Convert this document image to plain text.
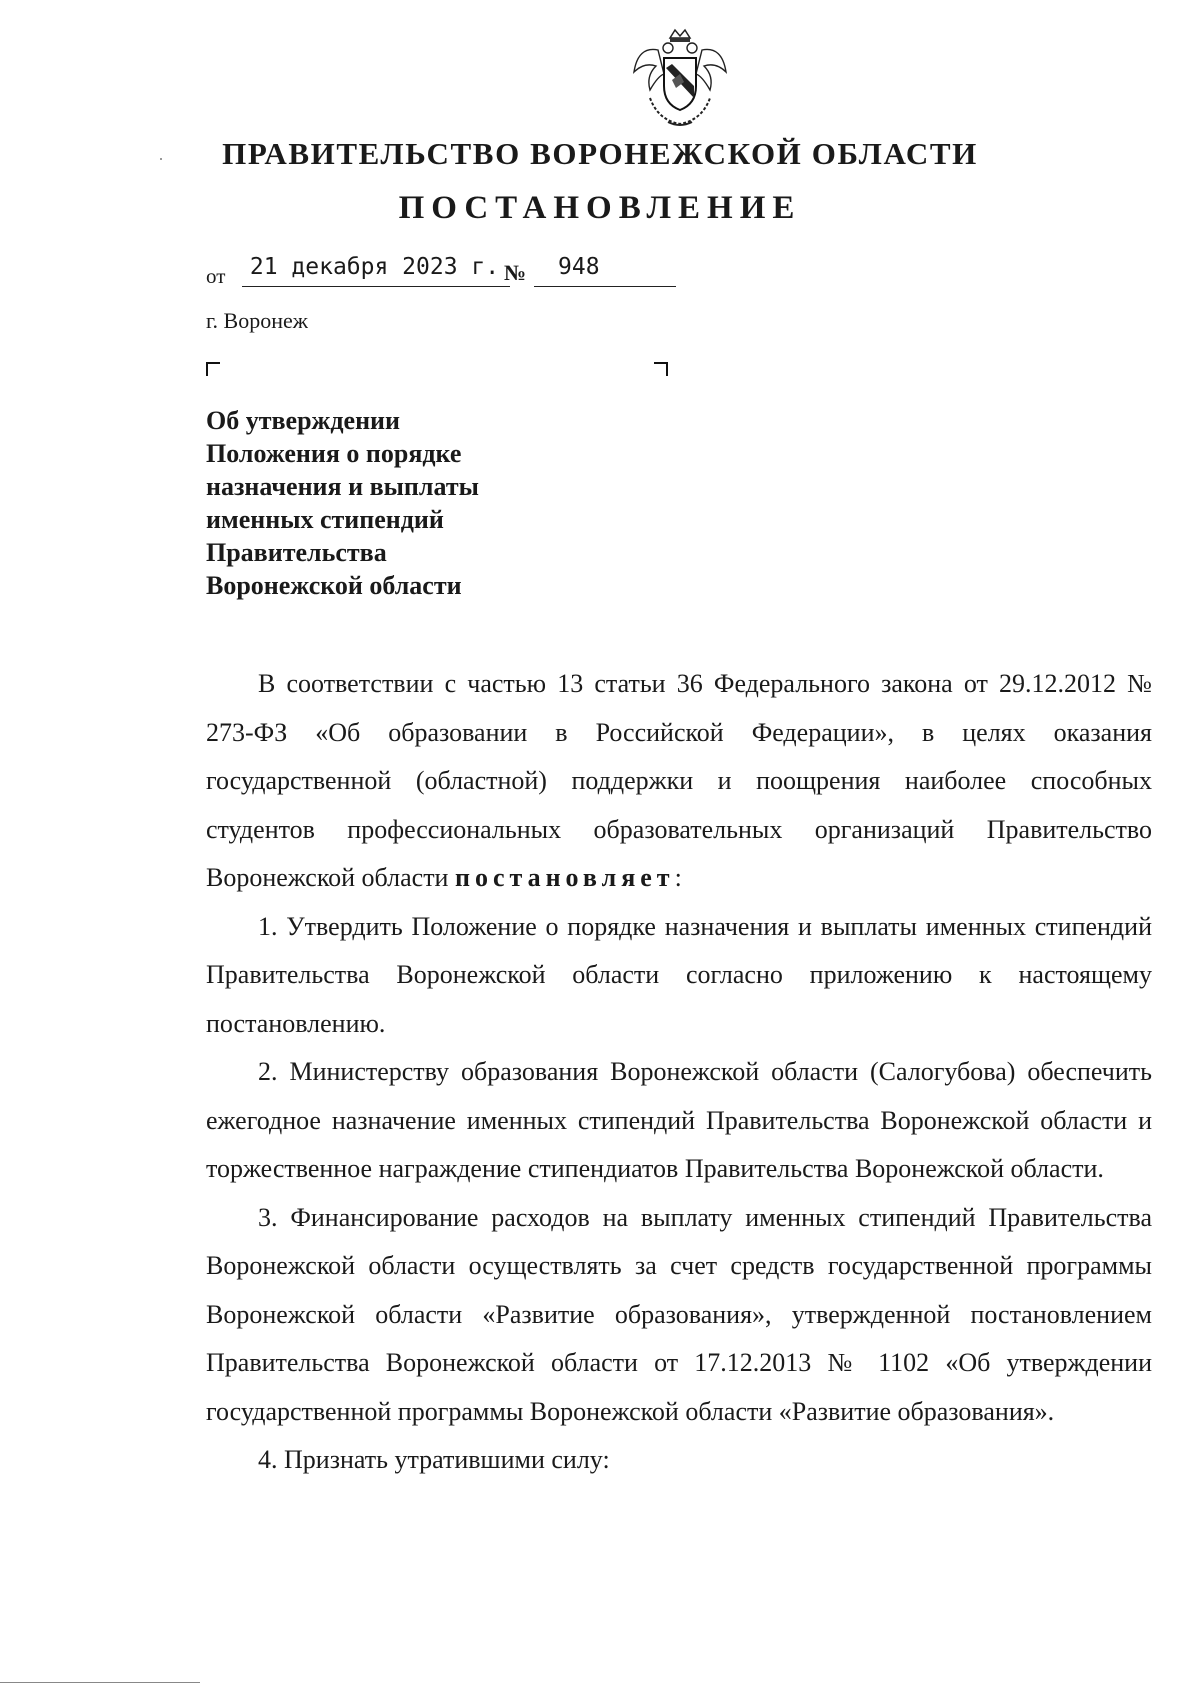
ПРАВИТЕЛЬСТВО ВОРОНЕЖСКОЙ ОБЛАСТИ
ПОСТАНОВЛЕНИЕ
от	21 декабря 2023 г. № 948
г. Воронеж
Об утверждении
Положения о порядке
назначения и выплаты
именных стипендий
Правительства
Воронежской области

В соответствии с частью 13 статьи 36 Федерального закона от 29.12.2012 № 273-ФЗ «Об образовании в Российской Федерации», в целях оказания государственной (областной) поддержки и поощрения наиболее способных студентов профессиональных образовательных организаций Правительство Воронежской области постановляет:

1. Утвердить Положение о порядке назначения и выплаты именных стипендий Правительства Воронежской области согласно приложению к настоящему постановлению.

2. Министерству образования Воронежской области (Салогубова) обеспечить ежегодное назначение именных стипендий Правительства Воронежской области и торжественное награждение стипендиатов Правительства Воронежской области.

3. Финансирование расходов на выплату именных стипендий Правительства Воронежской области осуществлять за счет средств государственной программы Воронежской области «Развитие образования», утвержденной постановлением Правительства Воронежской области от 17.12.2013 № 1102 «Об утверждении государственной программы Воронежской области «Развитие образования».

4. Признать утратившими силу:
